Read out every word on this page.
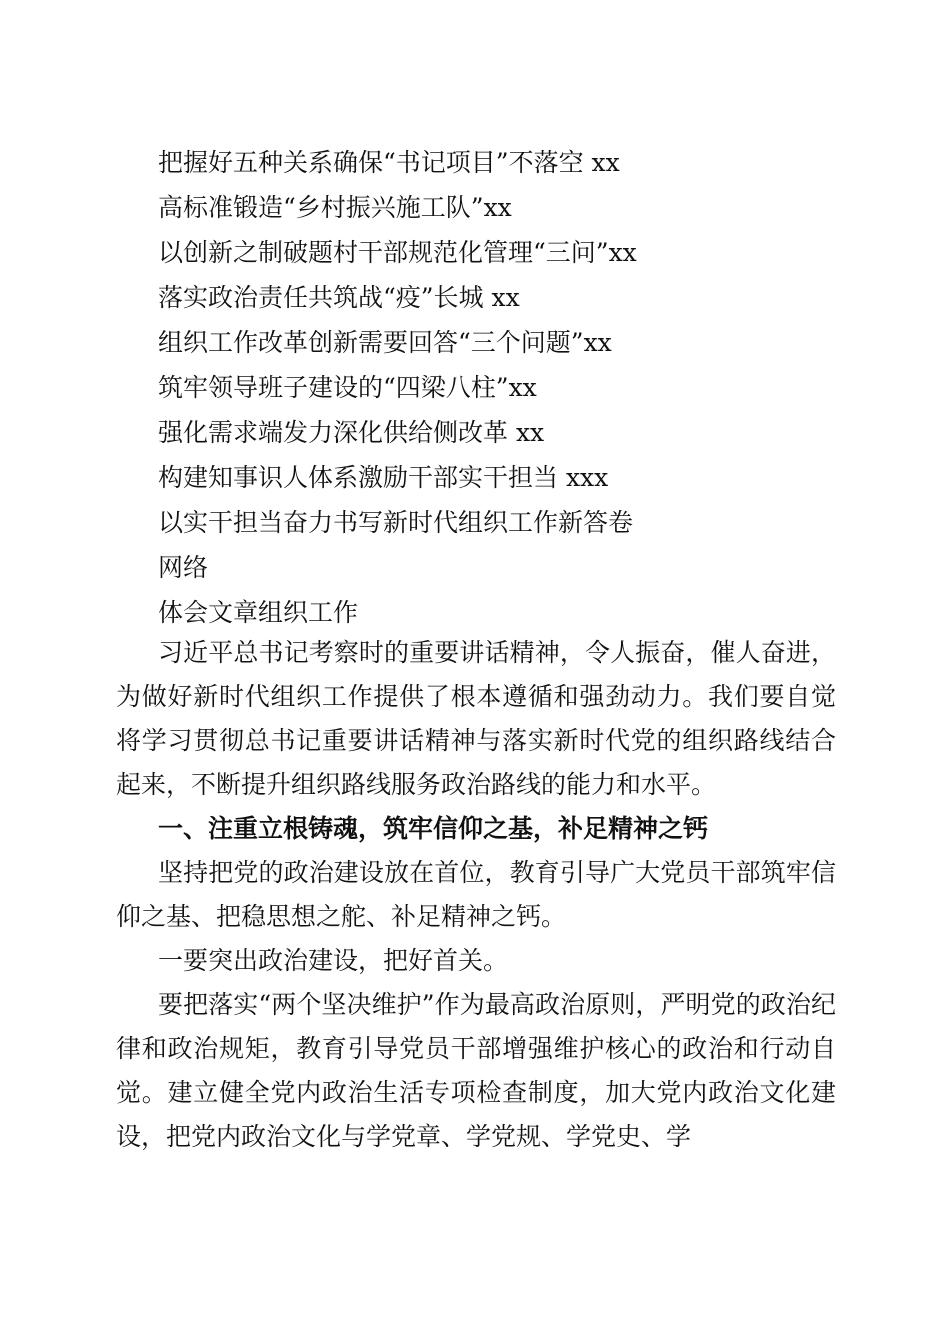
把握好五种关系确保“书记项目”不落空 xx
高标准锻造“乡村振兴施工队”xx
以创新之制破题村干部规范化管理“三问”xx
落实政治责任共筑战“疫”长城 xx
组织工作改革创新需要回答“三个问题”xx
筑牢领导班子建设的“四梁八柱”xx
强化需求端发力深化供给侧改革 xx
构建知事识人体系激励干部实干担当 xxx
以实干担当奋力书写新时代组织工作新答卷
网络
体会文章组织工作

习近平总书记考察时的重要讲话精神，令人振奋，催人奋进，为做好新时代组织工作提供了根本遵循和强劲动力。我们要自觉将学习贯彻总书记重要讲话精神与落实新时代党的组织路线结合起来，不断提升组织路线服务政治路线的能力和水平。

一、注重立根铸魂，筑牢信仰之基，补足精神之钙

坚持把党的政治建设放在首位，教育引导广大党员干部筑牢信仰之基、把稳思想之舵、补足精神之钙。

一要突出政治建设，把好首关。

要把落实“两个坚决维护”作为最高政治原则，严明党的政治纪律和政治规矩，教育引导党员干部增强维护核心的政治和行动自觉。建立健全党内政治生活专项检查制度，加大党内政治文化建设，把党内政治文化与学党章、学党规、学党史、学
